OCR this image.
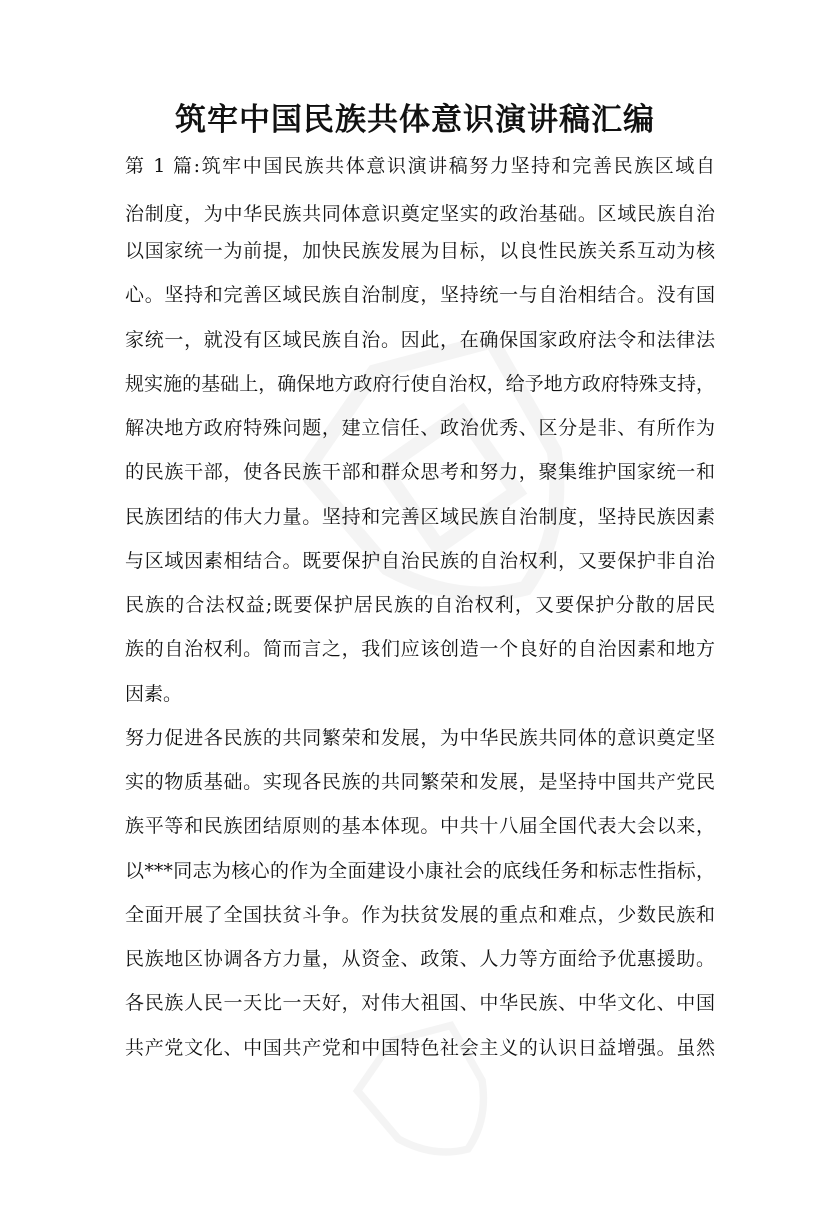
筑牢中国民族共体意识演讲稿汇编
第 1 篇:筑牢中国民族共体意识演讲稿努力坚持和完善民族区域自
治制度，为中华民族共同体意识奠定坚实的政治基础。区域民族自治
以国家统一为前提，加快民族发展为目标，以良性民族关系互动为核
心。坚持和完善区域民族自治制度，坚持统一与自治相结合。没有国
家统一，就没有区域民族自治。因此，在确保国家政府法令和法律法
规实施的基础上，确保地方政府行使自治权，给予地方政府特殊支持，
解决地方政府特殊问题，建立信任、政治优秀、区分是非、有所作为
的民族干部，使各民族干部和群众思考和努力，聚集维护国家统一和
民族团结的伟大力量。坚持和完善区域民族自治制度，坚持民族因素
与区域因素相结合。既要保护自治民族的自治权利，又要保护非自治
民族的合法权益;既要保护居民族的自治权利，又要保护分散的居民
族的自治权利。简而言之，我们应该创造一个良好的自治因素和地方
因素。
努力促进各民族的共同繁荣和发展，为中华民族共同体的意识奠定坚
实的物质基础。实现各民族的共同繁荣和发展，是坚持中国共产党民
族平等和民族团结原则的基本体现。中共十八届全国代表大会以来，
以***同志为核心的作为全面建设小康社会的底线任务和标志性指标，
全面开展了全国扶贫斗争。作为扶贫发展的重点和难点，少数民族和
民族地区协调各方力量，从资金、政策、人力等方面给予优惠援助。
各民族人民一天比一天好，对伟大祖国、中华民族、中华文化、中国
共产党文化、中国共产党和中国特色社会主义的认识日益增强。虽然
